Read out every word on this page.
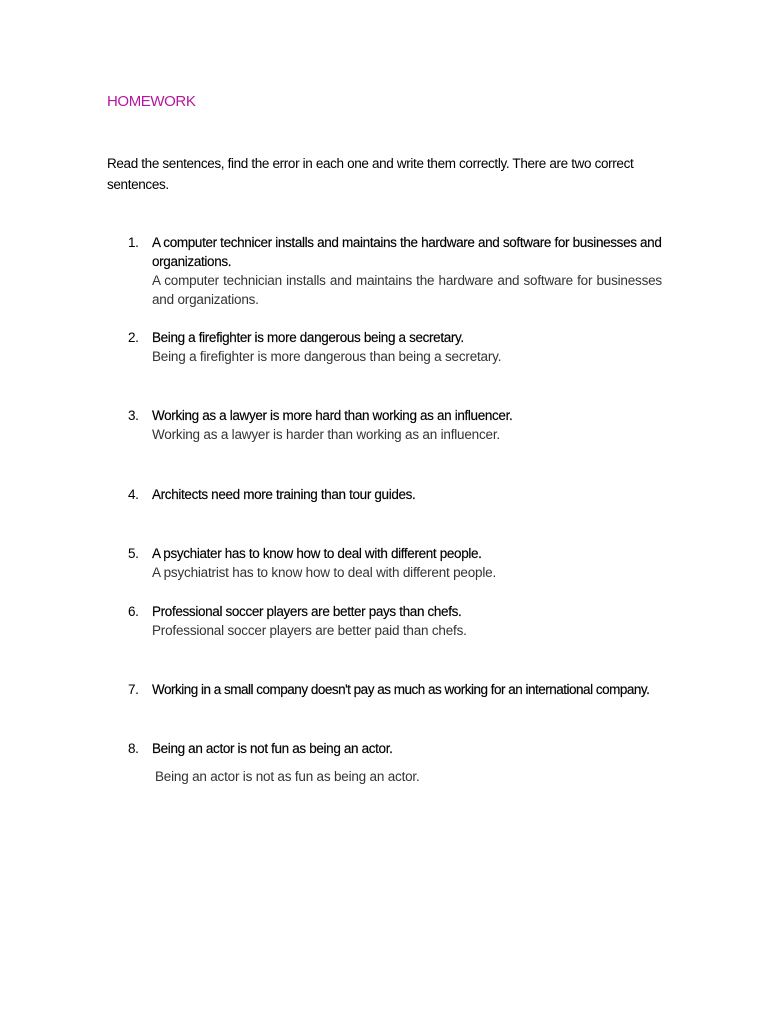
HOMEWORK
Read the sentences, find the error in each one and write them correctly. There are two correct sentences.
1. A computer technicer installs and maintains the hardware and software for businesses and organizations.
A computer technician installs and maintains the hardware and software for businesses and organizations.
2. Being a firefighter is more dangerous being a secretary.
Being a firefighter is more dangerous than being a secretary.
3. Working as a lawyer is more hard than working as an influencer.
Working as a lawyer is harder than working as an influencer.
4. Architects need more training than tour guides.
5. A psychiater has to know how to deal with different people.
A psychiatrist has to know how to deal with different people.
6. Professional soccer players are better pays than chefs.
Professional soccer players are better paid than chefs.
7. Working in a small company doesn't pay as much as working for an international company.
8. Being an actor is not fun as being an actor.
Being an actor is not as fun as being an actor.
